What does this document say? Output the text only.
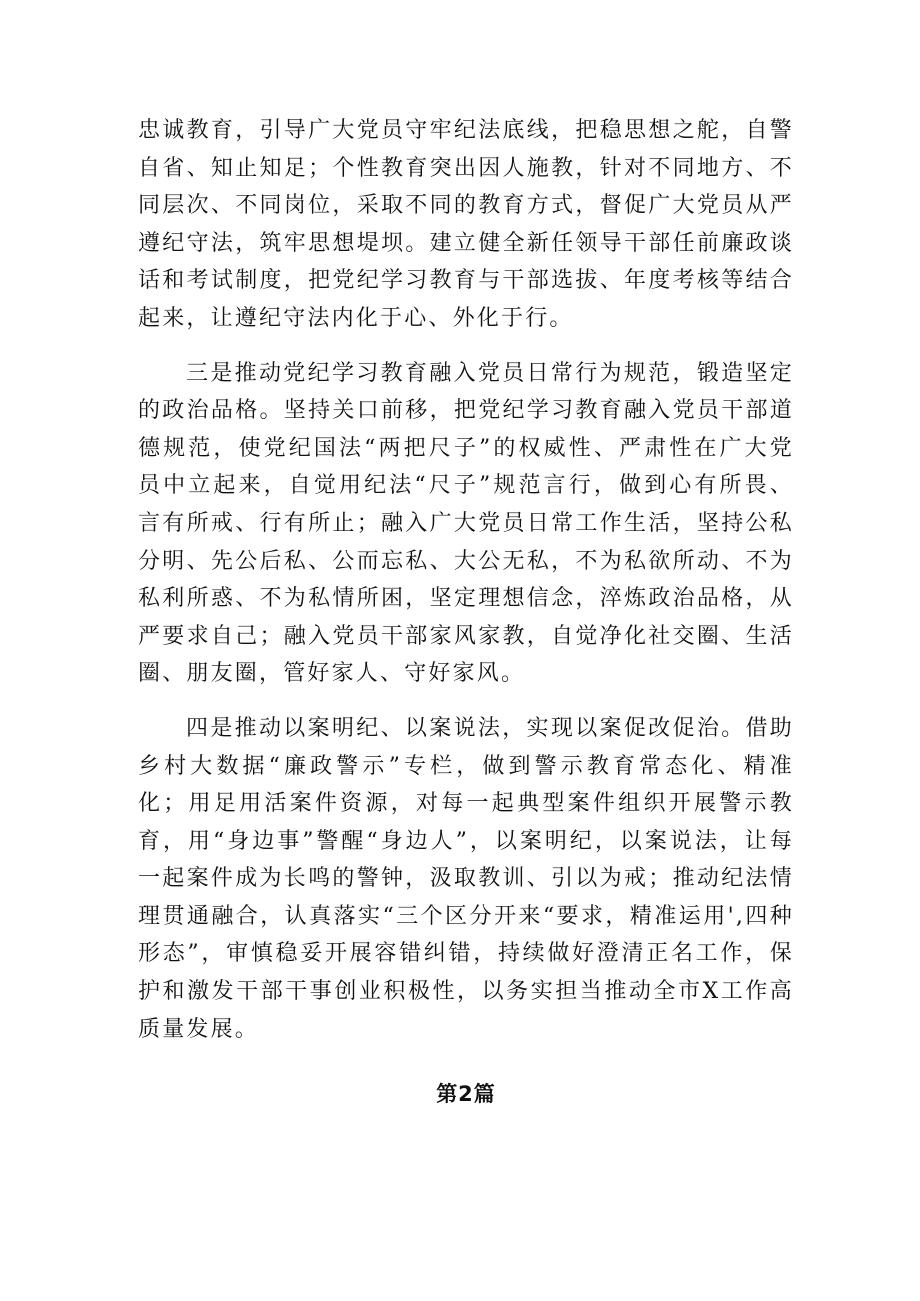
忠诚教育，引导广大党员守牢纪法底线，把稳思想之舵，自警自省、知止知足；个性教育突出因人施教，针对不同地方、不同层次、不同岗位，采取不同的教育方式，督促广大党员从严遵纪守法，筑牢思想堤坝。建立健全新任领导干部任前廉政谈话和考试制度，把党纪学习教育与干部选拔、年度考核等结合起来，让遵纪守法内化于心、外化于行。

三是推动党纪学习教育融入党员日常行为规范，锻造坚定的政治品格。坚持关口前移，把党纪学习教育融入党员干部道德规范，使党纪国法“两把尺子”的权威性、严肃性在广大党员中立起来，自觉用纪法“尺子”规范言行，做到心有所畏、言有所戒、行有所止；融入广大党员日常工作生活，坚持公私分明、先公后私、公而忘私、大公无私，不为私欲所动、不为私利所惑、不为私情所困，坚定理想信念，淬炼政治品格，从严要求自己；融入党员干部家风家教，自觉净化社交圈、生活圈、朋友圈，管好家人、守好家风。

四是推动以案明纪、以案说法，实现以案促改促治。借助乡村大数据“廉政警示”专栏，做到警示教育常态化、精准化；用足用活案件资源，对每一起典型案件组织开展警示教育，用“身边事”警醒“身边人”，以案明纪，以案说法，让每一起案件成为长鸣的警钟，汲取教训、引以为戒；推动纪法情理贯通融合，认真落实“三个区分开来“要求，精准运用',四种形态”，审慎稳妥开展容错纠错，持续做好澄清正名工作，保护和激发干部干事创业积极性，以务实担当推动全市X工作高质量发展。

第2篇
